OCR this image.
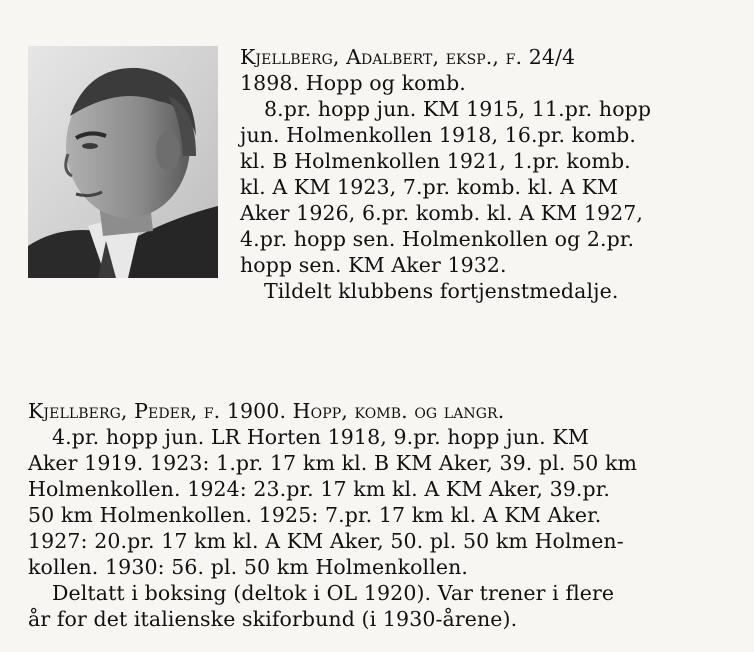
Kjellberg, Adalbert, eksp., f. 24/4
1898. Hopp og komb.
8.pr. hopp jun. KM 1915, 11.pr. hopp
jun. Holmenkollen 1918, 16.pr. komb.
kl. B Holmenkollen 1921, 1.pr. komb.
kl. A KM 1923, 7.pr. komb. kl. A KM
Aker 1926, 6.pr. komb. kl. A KM 1927,
4.pr. hopp sen. Holmenkollen og 2.pr.
hopp sen. KM Aker 1932.
Tildelt klubbens fortjenstmedalje.
Kjellberg, Peder, f. 1900. Hopp, komb. og langr.
4.pr. hopp jun. LR Horten 1918, 9.pr. hopp jun. KM
Aker 1919. 1923: 1.pr. 17 km kl. B KM Aker, 39. pl. 50 km
Holmenkollen. 1924: 23.pr. 17 km kl. A KM Aker, 39.pr.
50 km Holmenkollen. 1925: 7.pr. 17 km kl. A KM Aker.
1927: 20.pr. 17 km kl. A KM Aker, 50. pl. 50 km Holmen-
kollen. 1930: 56. pl. 50 km Holmenkollen.
Deltatt i boksing (deltok i OL 1920). Var trener i flere
år for det italienske skiforbund (i 1930-årene).
